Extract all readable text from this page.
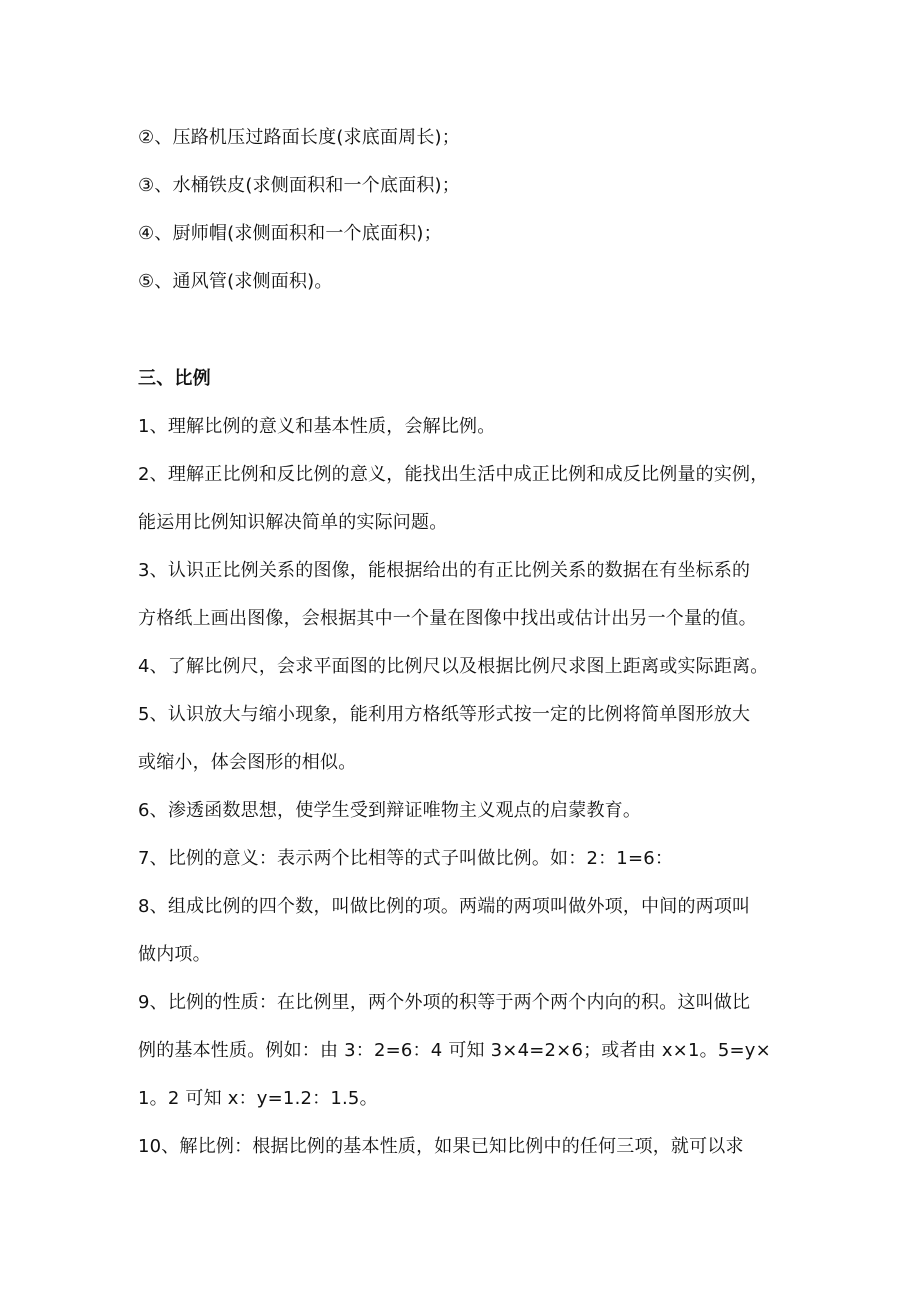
②、压路机压过路面长度(求底面周长)；
③、水桶铁皮(求侧面积和一个底面积)；
④、厨师帽(求侧面积和一个底面积)；
⑤、通风管(求侧面积)。
三、比例
1、理解比例的意义和基本性质，会解比例。
2、理解正比例和反比例的意义，能找出生活中成正比例和成反比例量的实例，
能运用比例知识解决简单的实际问题。
3、认识正比例关系的图像，能根据给出的有正比例关系的数据在有坐标系的
方格纸上画出图像，会根据其中一个量在图像中找出或估计出另一个量的值。
4、了解比例尺，会求平面图的比例尺以及根据比例尺求图上距离或实际距离。
5、认识放大与缩小现象，能利用方格纸等形式按一定的比例将简单图形放大
或缩小，体会图形的相似。
6、渗透函数思想，使学生受到辩证唯物主义观点的启蒙教育。
7、比例的意义：表示两个比相等的式子叫做比例。如：2：1=6：
8、组成比例的四个数，叫做比例的项。两端的两项叫做外项，中间的两项叫
做内项。
9、比例的性质：在比例里，两个外项的积等于两个两个内向的积。这叫做比
例的基本性质。例如：由 3：2=6：4 可知 3×4=2×6；或者由 x×1。5=y×
1。2 可知 x：y=1.2：1.5。
10、解比例：根据比例的基本性质，如果已知比例中的任何三项，就可以求
